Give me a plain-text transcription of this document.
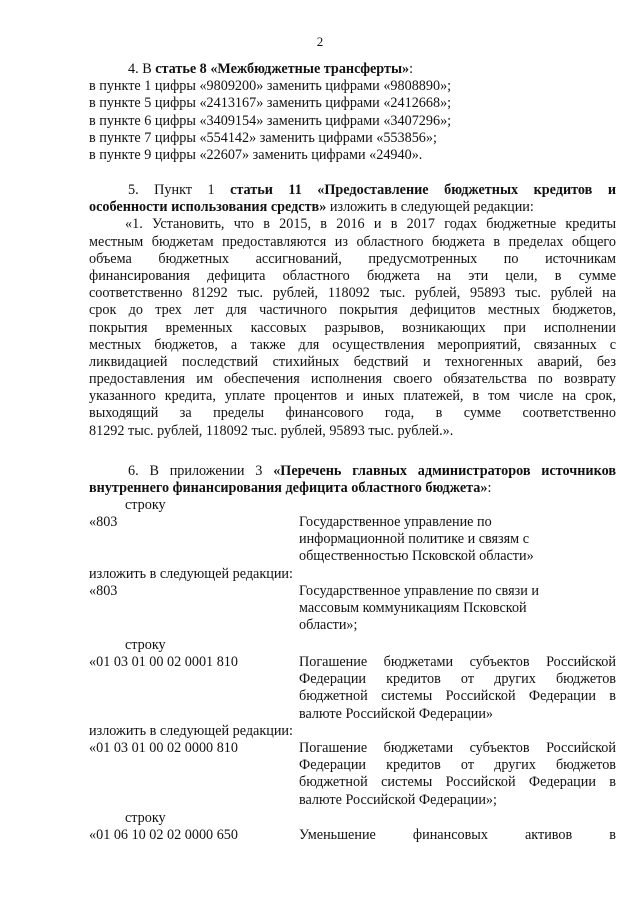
2
4. В статье 8 «Межбюджетные трансферты»:
в пункте 1 цифры «9809200» заменить цифрами «9808890»;
в пункте 5 цифры «2413167» заменить цифрами «2412668»;
в пункте 6 цифры «3409154» заменить цифрами «3407296»;
в пункте 7 цифры «554142» заменить цифрами «553856»;
в пункте 9 цифры «22607» заменить цифрами «24940».
5. Пункт 1 статьи 11 «Предоставление бюджетных кредитов и
особенности использования средств» изложить в следующей редакции:
«1. Установить, что в 2015, в 2016 и в 2017 годах бюджетные кредиты
местным бюджетам предоставляются из областного бюджета в пределах общего
объема бюджетных ассигнований, предусмотренных по источникам
финансирования дефицита областного бюджета на эти цели, в сумме
соответственно 81292 тыс. рублей, 118092 тыс. рублей, 95893 тыс. рублей на
срок до трех лет для частичного покрытия дефицитов местных бюджетов,
покрытия временных кассовых разрывов, возникающих при исполнении
местных бюджетов, а также для осуществления мероприятий, связанных с
ликвидацией последствий стихийных бедствий и техногенных аварий, без
предоставления им обеспечения исполнения своего обязательства по возврату
указанного кредита, уплате процентов и иных платежей, в том числе на срок,
выходящий за пределы финансового года, в сумме соответственно
81292 тыс. рублей, 118092 тыс. рублей, 95893 тыс. рублей.».
6. В приложении 3 «Перечень главных администраторов источников
внутреннего финансирования дефицита областного бюджета»:
строку
«803	Государственное управление по
информационной политике и связям с
общественностью Псковской области»
изложить в следующей редакции:
«803	Государственное управление по связи и
массовым коммуникациям Псковской
области»;
строку
«01 03 01 00 02 0001 810	Погашение бюджетами субъектов Российской
Федерации кредитов от других бюджетов
бюджетной системы Российской Федерации в
валюте Российской Федерации»
изложить в следующей редакции:
«01 03 01 00 02 0000 810	Погашение бюджетами субъектов Российской
Федерации кредитов от других бюджетов
бюджетной системы Российской Федерации в
валюте Российской Федерации»;
строку
«01 06 10 02 02 0000 650	Уменьшение финансовых активов в
